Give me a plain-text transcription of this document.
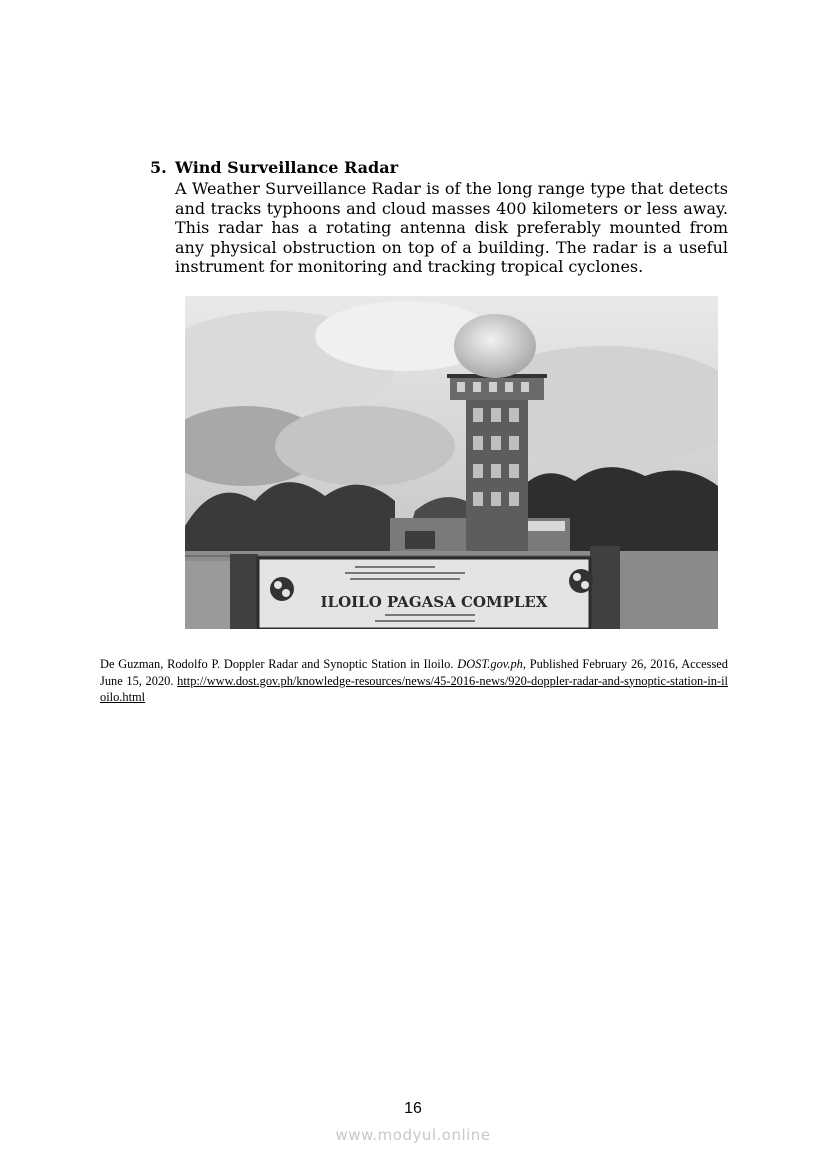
5. Wind Surveillance Radar
A Weather Surveillance Radar is of the long range type that detects and tracks typhoons and cloud masses 400 kilometers or less away. This radar has a rotating antenna disk preferably mounted from any physical obstruction on top of a building. The radar is a useful instrument for monitoring and tracking tropical cyclones.
ILOILO PAGASA COMPLEX
De Guzman, Rodolfo P. Doppler Radar and Synoptic Station in Iloilo. DOST.gov.ph, Published February 26, 2016, Accessed June 15, 2020. http://www.dost.gov.ph/knowledge-resources/news/45-2016-news/920-doppler-radar-and-synoptic-station-in-iloilo.html
16
www.modyul.online
